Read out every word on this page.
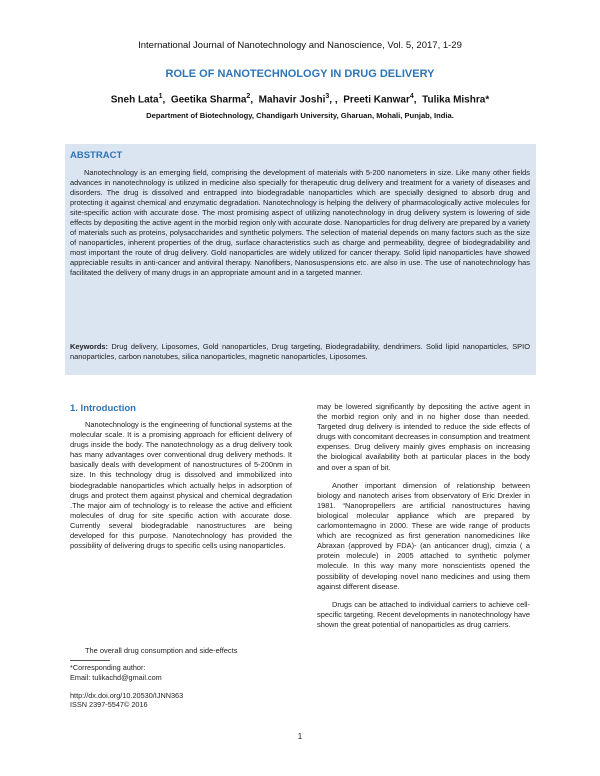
International Journal of Nanotechnology and Nanoscience, Vol. 5, 2017, 1-29
ROLE OF NANOTECHNOLOGY IN DRUG DELIVERY
Sneh Lata$^1$,  Geetika Sharma$^2$,  Mahavir Joshi$^3$, ,  Preeti Kanwar$^4$,  Tulika Mishra*
Department of Biotechnology, Chandigarh University, Gharuan, Mohali, Punjab, India.
ABSTRACT
Nanotechnology is an emerging field, comprising the development of materials with 5-200 nanometers in size. Like many other fields advances in nanotechnology is utilized in medicine also specially for therapeutic drug delivery and treatment for a variety of diseases and disorders. The drug is dissolved and entrapped into biodegradable nanoparticles which are specially designed to absorb drug and protecting it against chemical and enzymatic degradation. Nanotechnology is helping the delivery of pharmacologically active molecules for site-specific action with accurate dose. The most promising aspect of utilizing nanotechnology in drug delivery system is lowering of side effects by depositing the active agent in the morbid region only with accurate dose. Nanoparticles for drug delivery are prepared by a variety of materials such as proteins, polysaccharides and synthetic polymers. The selection of material depends on many factors such as the size of nanoparticles, inherent properties of the drug, surface characteristics such as charge and permeability, degree of biodegradability and most important the route of drug delivery. Gold nanoparticles are widely utilized for cancer therapy. Solid lipid nanoparticles have showed appreciable results in anti-cancer and antiviral therapy. Nanofibers, Nanosuspensions etc. are also in use. The use of nanotechnology has facilitated the delivery of many drugs in an appropriate amount and in a targeted manner.
Keywords: Drug delivery, Liposomes, Gold nanoparticles, Drug targeting, Biodegradability, dendrimers. Solid lipid nanoparticles, SPIO nanoparticles, carbon nanotubes, silica nanoparticles, magnetic nanoparticles, Liposomes.
1. Introduction

Nanotechnology is the engineering of functional systems at the molecular scale. It is a promising approach for efficient delivery of drugs inside the body. The nanotechnology as a drug delivery took has many advantages over conventional drug delivery methods. It basically deals with development of nanostructures of 5-200nm in size. In this technology drug is dissolved and immobilized into biodegradable nanoparticles which actually helps in adsorption of drugs and protect them against physical and chemical degradation .The major aim of technology is to release the active and efficient molecules of drug for site specific action with accurate dose. Currently several biodegradable nanostructures are being developed for this purpose. Nanotechnology has provided the possibility of delivering drugs to specific cells using nanoparticles.

The overall drug consumption and side-effects

*Corresponding author:
Email: tulikachd@gmail.com
http://dx.doi.org/10.20530/IJNN363
ISSN 2397-5547© 2016

may be lowered significantly by depositing the active agent in the morbid region only and in no higher dose than needed. Targeted drug delivery is intended to reduce the side effects of drugs with concomitant decreases in consumption and treatment expenses. Drug delivery mainly gives emphasis on increasing the biological availability both at particular places in the body and over a span of bit.

Another important dimension of relationship between biology and nanotech arises from observatory of Eric Drexler in 1981. “Nanopropellers are artificial nanostructures having biological molecular appliance which are prepared by carlomontemagno in 2000. These are wide range of products which are recognized as first generation nanomedicines like Abraxan (approved by FDA)- (an anticancer drug), cimzia ( a protein molecule) in 2005 attached to synthetic polymer molecule. In this way many more nonscientists opened the possibility of developing novel nano medicines and using them against different disease.

Drugs can be attached to individual carriers to achieve cell-specific targeting. Recent developments in nanotechnology have shown the great potential of nanoparticles as drug carriers.

1
